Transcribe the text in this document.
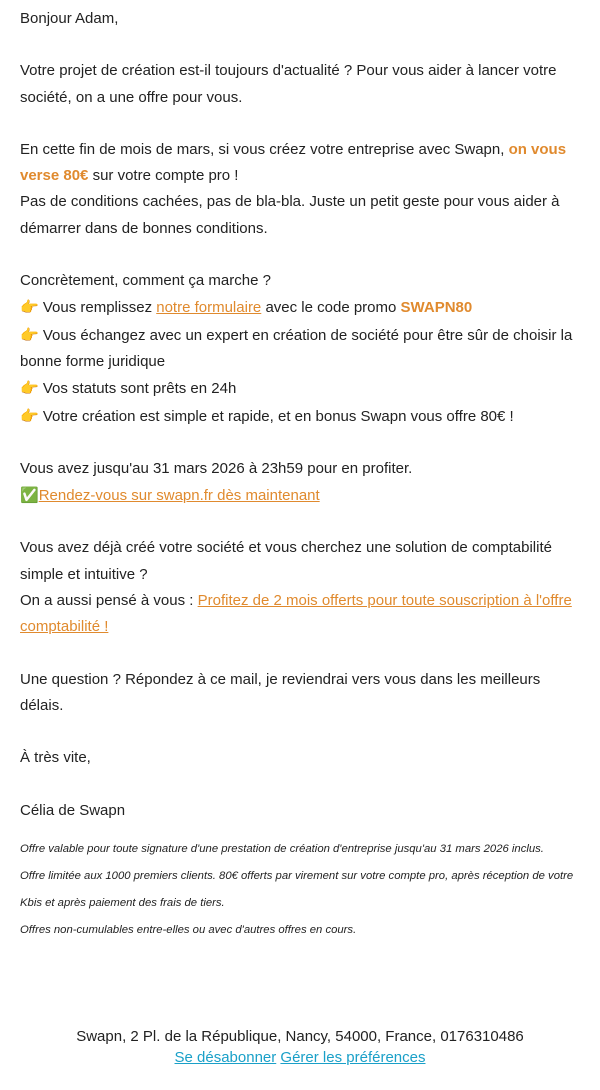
Bonjour Adam,

Votre projet de création est-il toujours d'actualité ? Pour vous aider à lancer votre société, on a une offre pour vous.

En cette fin de mois de mars, si vous créez votre entreprise avec Swapn, on vous verse 80€ sur votre compte pro !

Pas de conditions cachées, pas de bla-bla. Juste un petit geste pour vous aider à démarrer dans de bonnes conditions.

Concrètement, comment ça marche ?

👉 Vous remplissez notre formulaire avec le code promo SWAPN80

👉 Vous échangez avec un expert en création de société pour être sûr de choisir la bonne forme juridique

👉 Vos statuts sont prêts en 24h

👉 Votre création est simple et rapide, et en bonus Swapn vous offre 80€ !

Vous avez jusqu'au 31 mars 2026 à 23h59 pour en profiter.

✅Rendez-vous sur swapn.fr dès maintenant

Vous avez déjà créé votre société et vous cherchez une solution de comptabilité simple et intuitive ?

On a aussi pensé à vous : Profitez de 2 mois offerts pour toute souscription à l'offre comptabilité !

Une question ? Répondez à ce mail, je reviendrai vers vous dans les meilleurs délais.

À très vite,

Célia de Swapn

Offre valable pour toute signature d'une prestation de création d'entreprise jusqu'au 31 mars 2026 inclus.

Offre limitée aux 1000 premiers clients. 80€ offerts par virement sur votre compte pro, après réception de votre Kbis et après paiement des frais de tiers.

Offres non-cumulables entre-elles ou avec d'autres offres en cours.

Swapn, 2 Pl. de la République, Nancy, 54000, France, 0176310486
Se désabonner Gérer les préférences
